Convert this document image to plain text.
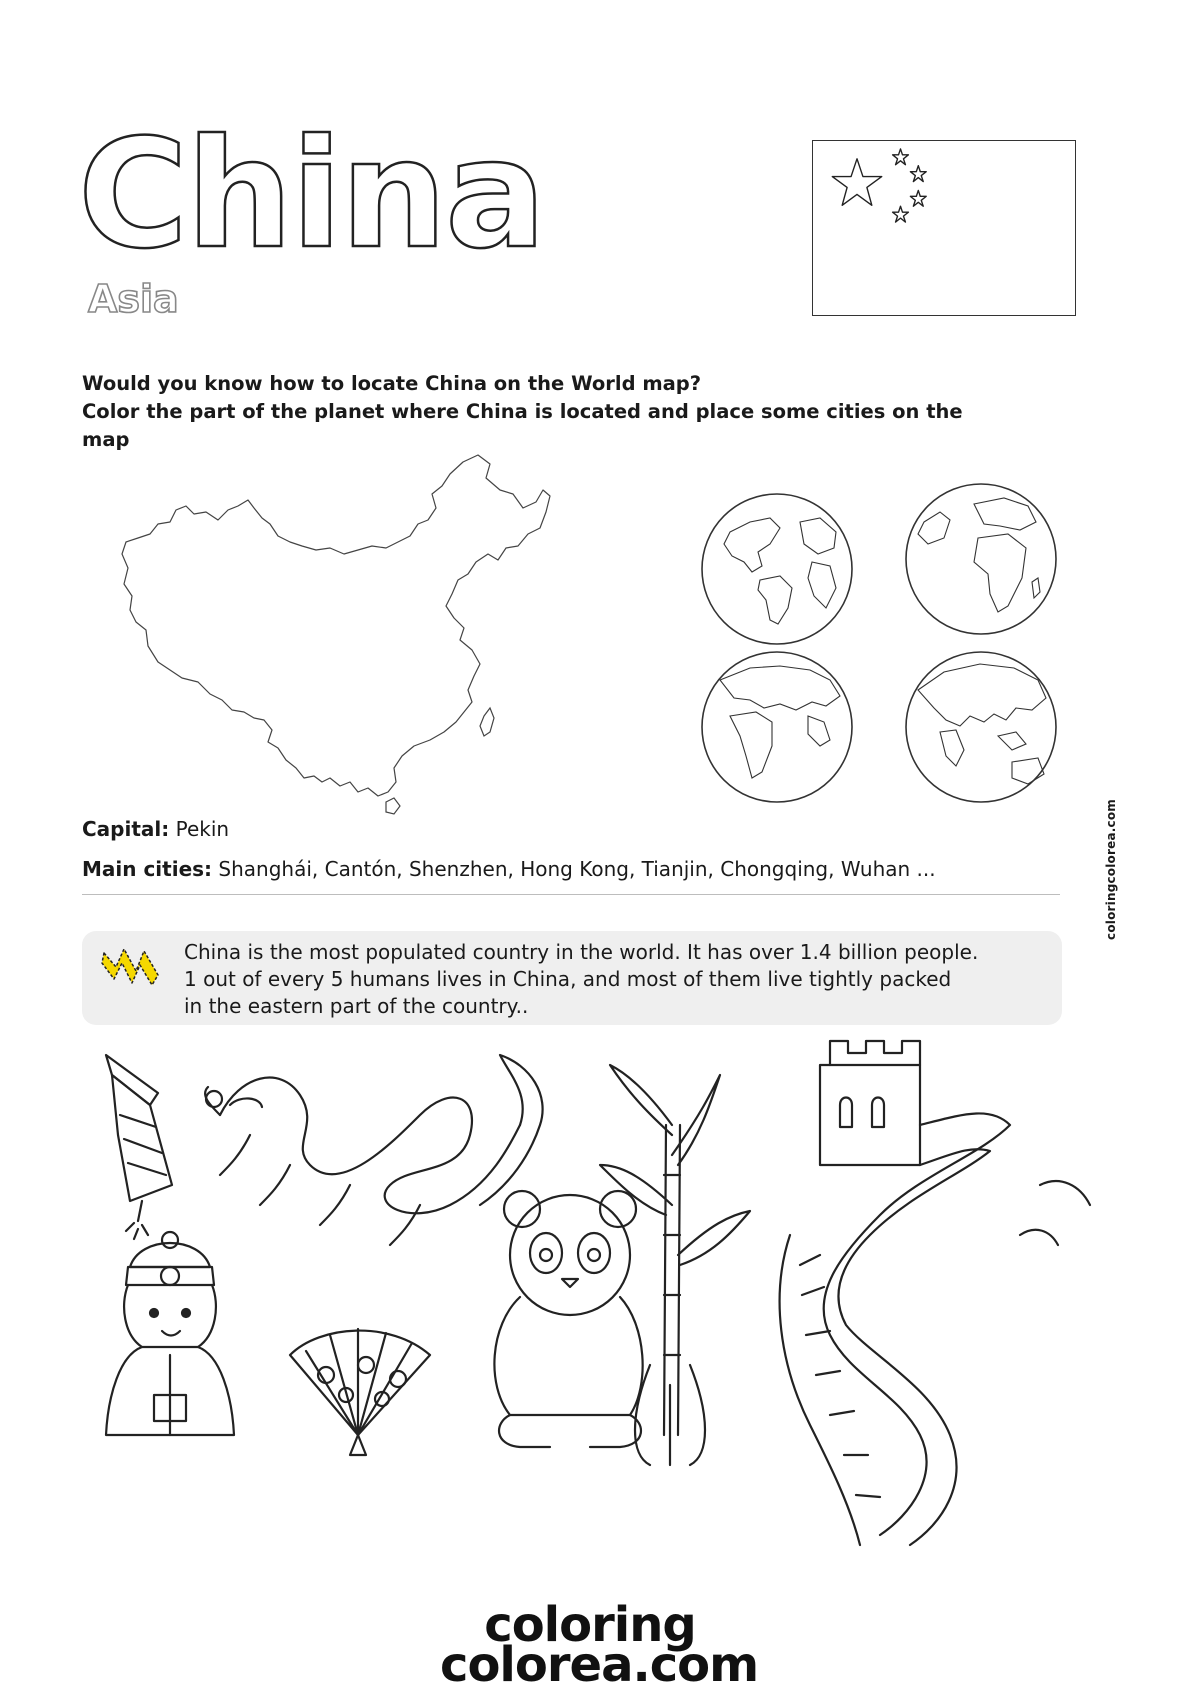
China
Asia
Would you know how to locate China on the World map?
Color the part of the planet where China is located and place some cities on the map
Capital: Pekin
Main cities: Shanghái, Cantón, Shenzhen, Hong Kong, Tianjin, Chongqing, Wuhan ...	coloringcolorea.com
China is the most populated country in the world. It has over 1.4 billion people.
1 out of every 5 humans lives in China, and most of them live tightly packed
in the eastern part of the country..
coloring
colorea.com
